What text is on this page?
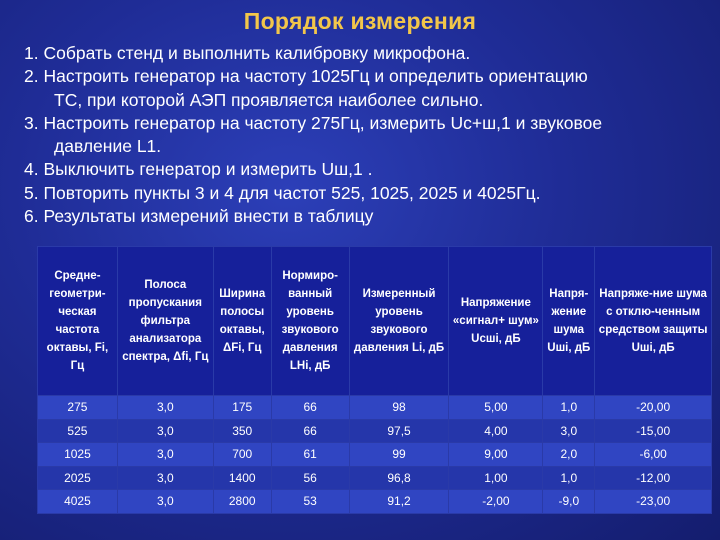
Порядок измерения

1. Собрать стенд и выполнить калибровку микрофона.

2. Настроить генератор на частоту 1025Гц и определить ориентацию

ТС, при которой АЭП проявляется наиболее сильно.

3. Настроить генератор на частоту 275Гц, измерить Uс+ш,1 и звуковое

давление L1.

4. Выключить генератор и измерить Uш,1 .

5. Повторить пункты 3 и 4 для частот 525, 1025, 2025 и 4025Гц.

6. Результаты измерений внести в таблицу

Средне-геометри-ческая частота октавы, Fi, Гц	Полоса пропускания фильтра анализатора спектра, Δfi, Гц	Ширина полосы октавы, ΔFi, Гц	Нормиро-ванный уровень звукового давления LHi, дБ	Измеренный уровень звукового давления Li, дБ	Напряжение «сигнал+ шум» Uсшi, дБ	Напря-жение шума Uшi, дБ	Напряже-ние шума с отклю-ченным средством защиты Uшi, дБ
275	3,0	175	66	98	5,00	1,0	-20,00
525	3,0	350	66	97,5	4,00	3,0	-15,00
1025	3,0	700	61	99	9,00	2,0	-6,00
2025	3,0	1400	56	96,8	1,00	1,0	-12,00
4025	3,0	2800	53	91,2	-2,00	-9,0	-23,00
